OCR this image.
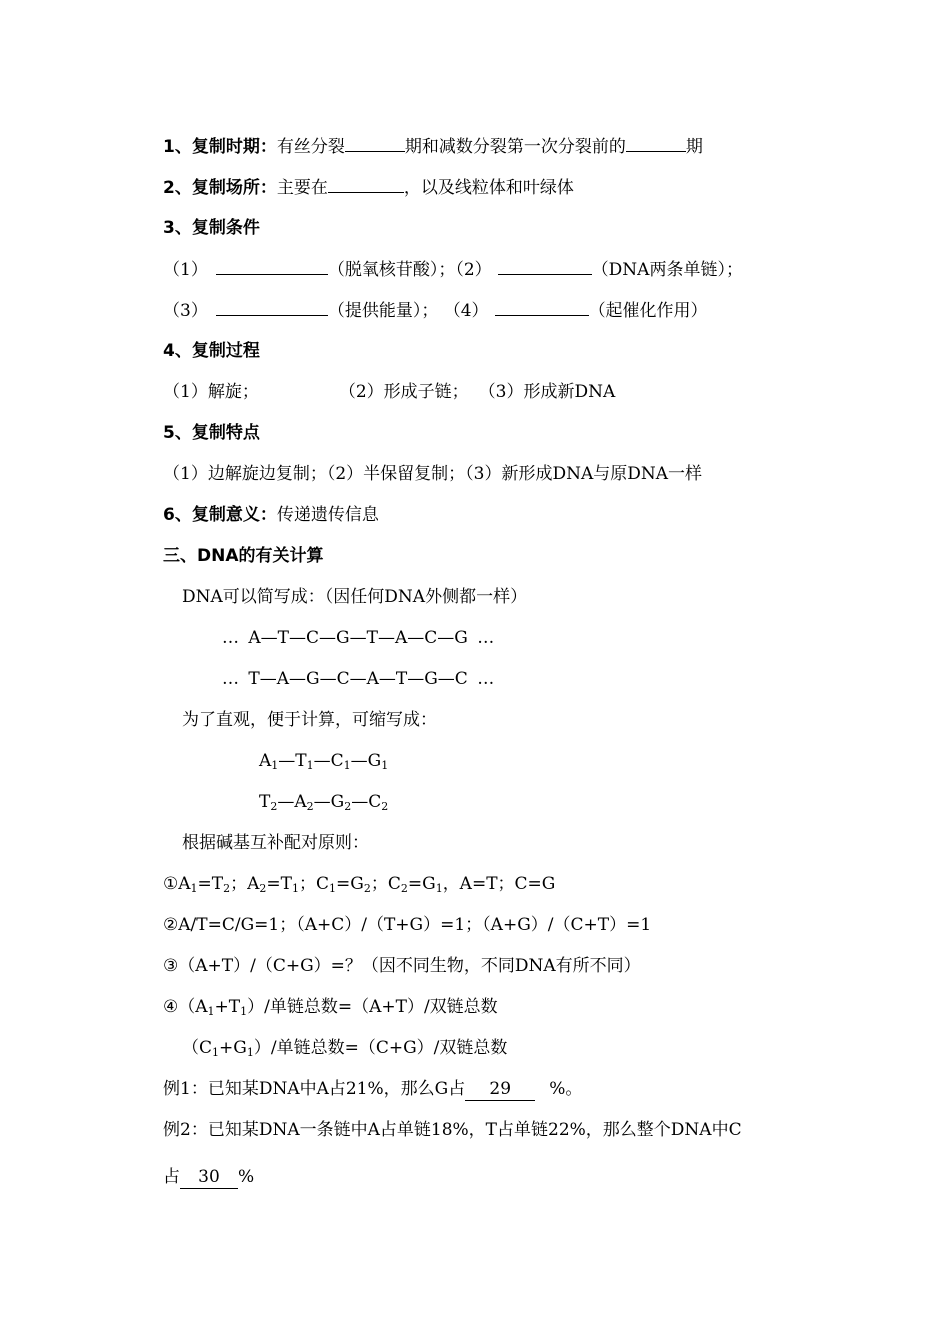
1、复制时期：有丝分裂	期和减数分裂第一次分裂前的	期
2、复制场所：主要在	，以及线粒体和叶绿体
3、复制条件
（1）	（脱氧核苷酸）；（2）	（DNA两条单链）；
（3）	（提供能量）； （4）	（起催化作用）
4、复制过程
（1）解旋；	（2）形成子链； （3）形成新DNA
5、复制特点
（1）边解旋边复制；（2）半保留复制；（3）新形成DNA与原DNA一样
6、复制意义：传递遗传信息
三、DNA的有关计算
DNA可以简写成：（因任何DNA外侧都一样）
… A—T—C—G—T—A—C—G …
… T—A—G—C—A—T—G—C …
为了直观，便于计算，可缩写成：
$A_1—T_1—C_1—G_1$
$T_2—A_2—G_2—C_2$
根据碱基互补配对原则：
$①A_1=T_2$；$A_2=T_1$；$C_1=G_2$；$C_2=G_1$，A=T；C=G
②A/T=C/G=1；（A+C）/（T+G）=1；（A+G）/（C+T）=1
③（A+T）/（C+G）=？（因不同生物，不同DNA有所不同）
$④(A_1+T_1)/$单链总数=（A+T）/双链总数
$(C_1+G_1)/$单链总数=（C+G）/双链总数
例1：已知某DNA中A占21%，那么G占 29 %。
例2：已知某DNA一条链中A占单链18%，T占单链22%，那么整个DNA中C
占 30 %
